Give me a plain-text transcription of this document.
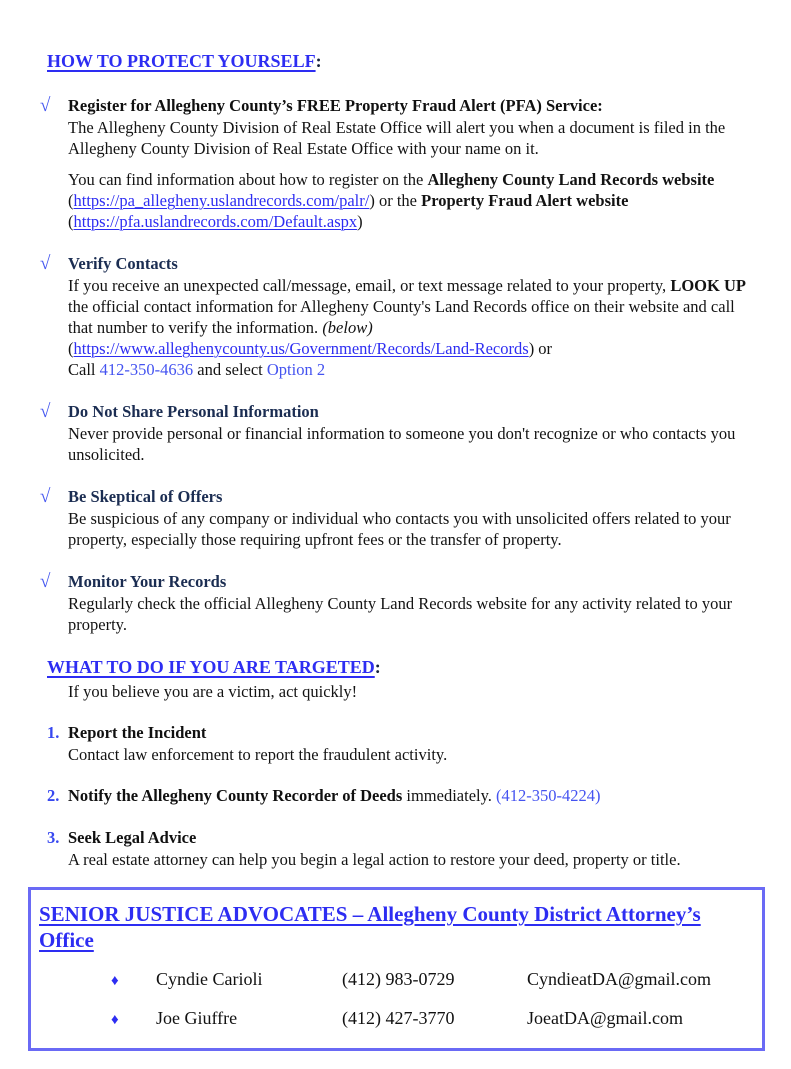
HOW TO PROTECT YOURSELF:
√	Register for Allegheny County’s FREE Property Fraud Alert (PFA) Service:

The Allegheny County Division of Real Estate Office will alert you when a document is filed in the Allegheny County Division of Real Estate Office with your name on it.

You can find information about how to register on the Allegheny County Land Records website (https://pa_allegheny.uslandrecords.com/palr/) or the Property Fraud Alert website (https://pfa.uslandrecords.com/Default.aspx)

√	Verify Contacts

If you receive an unexpected call/message, email, or text message related to your property, LOOK UP the official contact information for Allegheny County's Land Records office on their website and call that number to verify the information. (below)
(https://www.alleghenycounty.us/Government/Records/Land-Records) or
Call 412-350-4636 and select Option 2

√	Do Not Share Personal Information

Never provide personal or financial information to someone you don't recognize or who contacts you unsolicited.

√	Be Skeptical of Offers

Be suspicious of any company or individual who contacts you with unsolicited offers related to your property, especially those requiring upfront fees or the transfer of property.

√	Monitor Your Records

Regularly check the official Allegheny County Land Records website for any activity related to your property.

WHAT TO DO IF YOU ARE TARGETED:

If you believe you are a victim, act quickly!

1. Report the Incident

Contact law enforcement to report the fraudulent activity.

2. Notify the Allegheny County Recorder of Deeds immediately. (412-350-4224)

3. Seek Legal Advice

A real estate attorney can help you begin a legal action to restore your deed, property or title.

SENIOR JUSTICE ADVOCATES – Allegheny County District Attorney’s Office
♦	Cyndie Carioli	(412) 983-0729	CyndieatDA@gmail.com
♦	Joe Giuffre	(412) 427-3770	JoeatDA@gmail.com
